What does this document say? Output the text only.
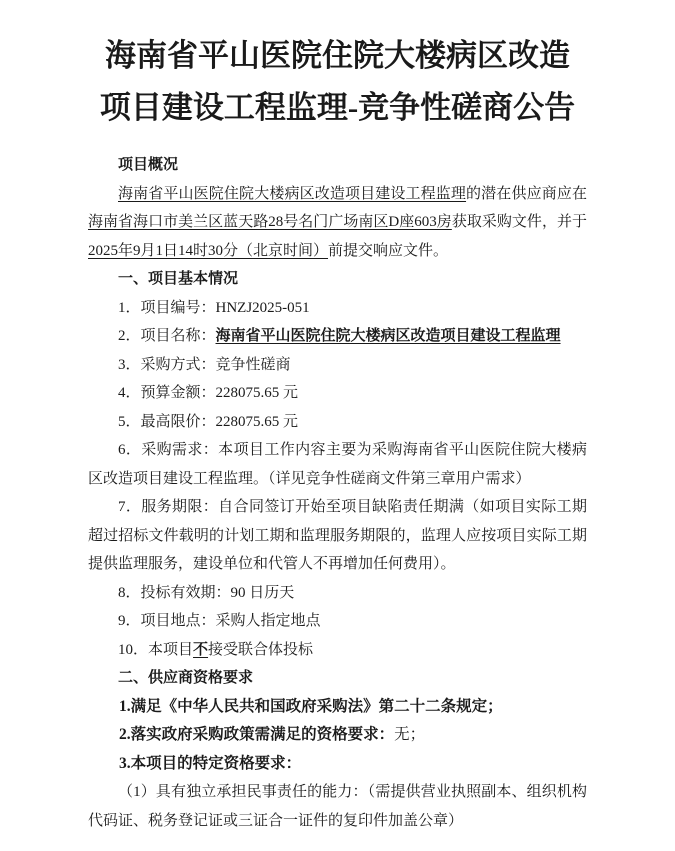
海南省平山医院住院大楼病区改造
项目建设工程监理-竞争性磋商公告

项目概况

海南省平山医院住院大楼病区改造项目建设工程监理的潜在供应商应在海南省海口市美兰区蓝天路28号名门广场南区D座603房获取采购文件，并于2025年9月1日14时30分（北京时间）前提交响应文件。

一、项目基本情况

1．项目编号：HNZJ2025-051

2．项目名称：海南省平山医院住院大楼病区改造项目建设工程监理

3．采购方式：竞争性磋商

4．预算金额：228075.65 元

5．最高限价：228075.65 元

6．采购需求：本项目工作内容主要为采购海南省平山医院住院大楼病区改造项目建设工程监理。（详见竞争性磋商文件第三章用户需求）

7．服务期限：自合同签订开始至项目缺陷责任期满（如项目实际工期超过招标文件载明的计划工期和监理服务期限的，监理人应按项目实际工期提供监理服务，建设单位和代管人不再增加任何费用）。

8．投标有效期：90 日历天

9．项目地点：采购人指定地点

10．本项目不接受联合体投标

二、供应商资格要求

1.满足《中华人民共和国政府采购法》第二十二条规定；

2.落实政府采购政策需满足的资格要求：无；

3.本项目的特定资格要求：

（1）具有独立承担民事责任的能力：（需提供营业执照副本、组织机构代码证、税务登记证或三证合一证件的复印件加盖公章）
